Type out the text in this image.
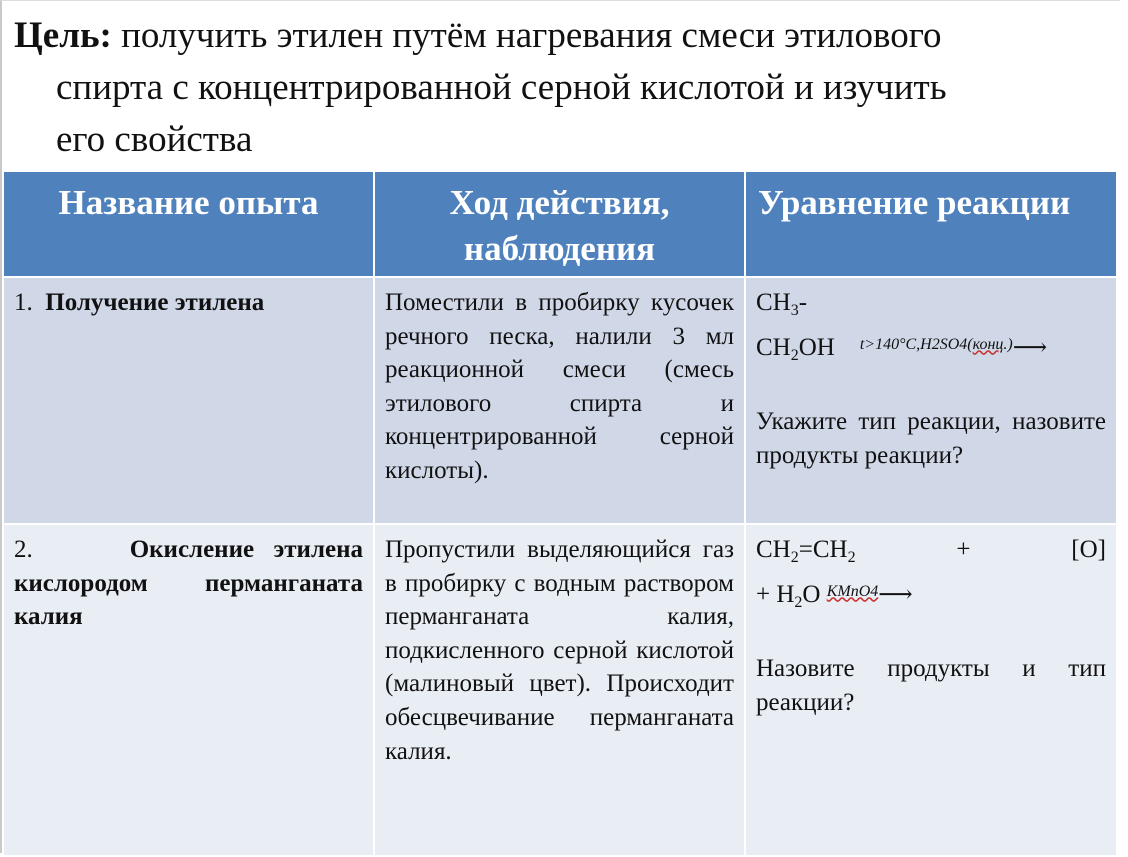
Цель: получить этилен путём нагревания смеси этилового
спирта с концентрированной серной кислотой и изучить
его свойства
Название опыта	Ход действия, наблюдения	Уравнение реакции
1. Получение этилена	Поместили в пробирку кусочек речного песка, налили 3 мл реакционной смеси (смесь этилового спирта и концентрированной серной кислоты).	$CH_3-$
$CH_2OH$ $^{t>140^\circ C,H2SO4(конц.)}$⟶
Укажите тип реакции, назовите продукты реакции?

2. Окисление этилена кислородом перманганата калия	Пропустили выделяющийся газ в пробирку с водным раствором перманганата калия, подкисленного серной кислотой (малиновый цвет). Происходит обесцвечивание перманганата калия.	$CH_2=CH_2 + [O]$
+ $H_2O$ $^{KMnO4}$⟶
Назовите продукты и тип реакции?
